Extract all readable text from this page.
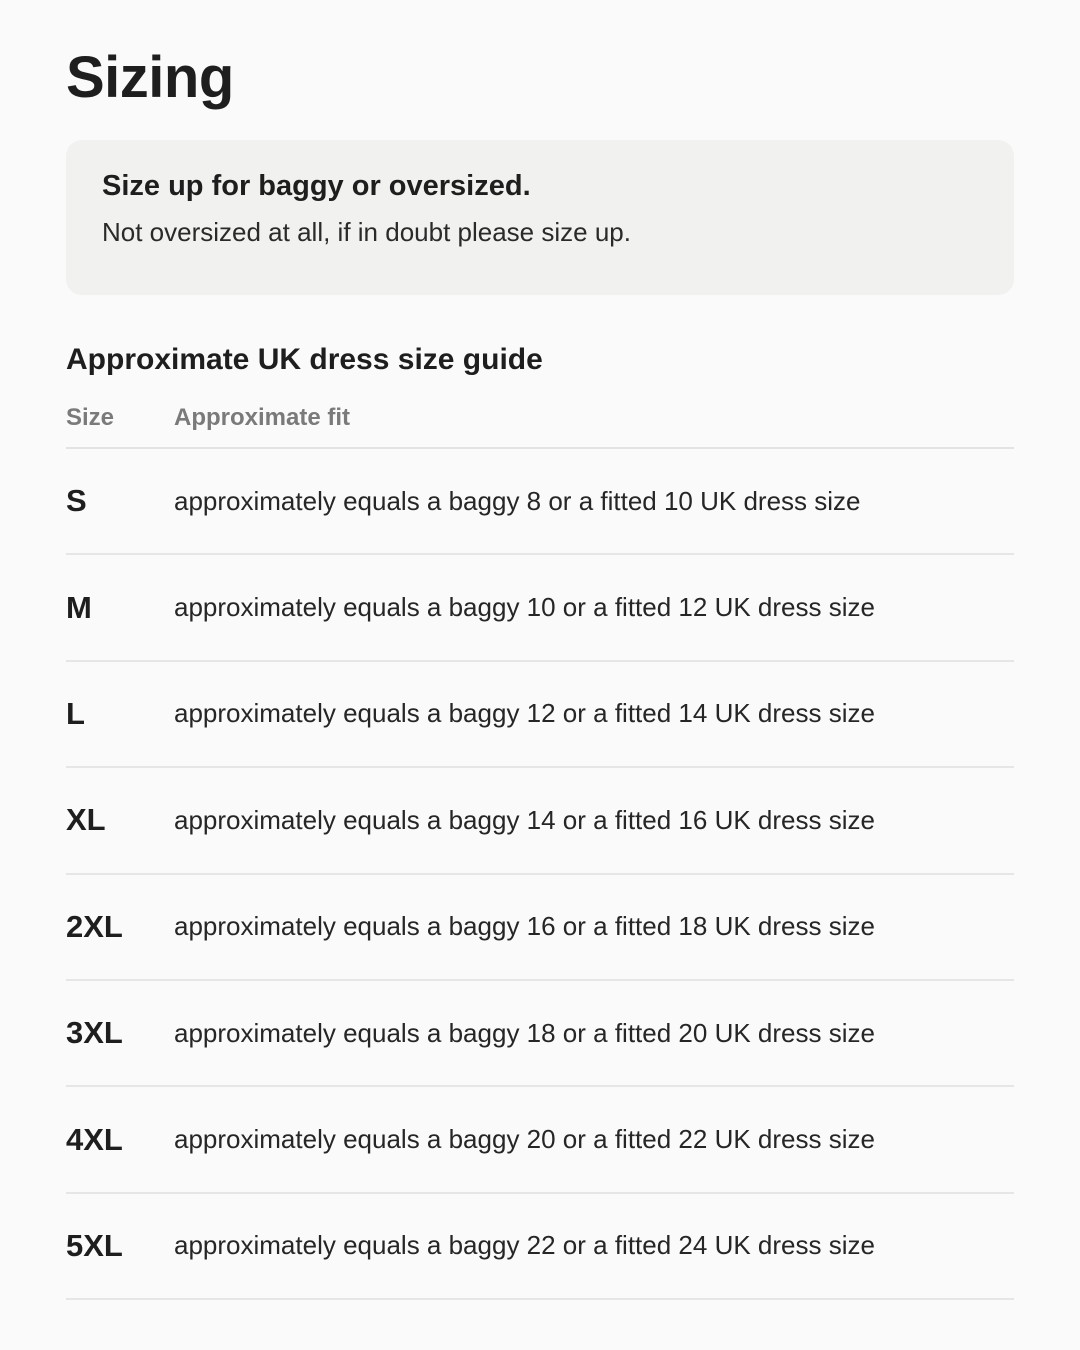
Sizing
Size up for baggy or oversized.
Not oversized at all, if in doubt please size up.
Approximate UK dress size guide
Size	Approximate fit
S	approximately equals a baggy 8 or a fitted 10 UK dress size
M	approximately equals a baggy 10 or a fitted 12 UK dress size
L	approximately equals a baggy 12 or a fitted 14 UK dress size
XL	approximately equals a baggy 14 or a fitted 16 UK dress size
2XL	approximately equals a baggy 16 or a fitted 18 UK dress size
3XL	approximately equals a baggy 18 or a fitted 20 UK dress size
4XL	approximately equals a baggy 20 or a fitted 22 UK dress size
5XL	approximately equals a baggy 22 or a fitted 24 UK dress size
